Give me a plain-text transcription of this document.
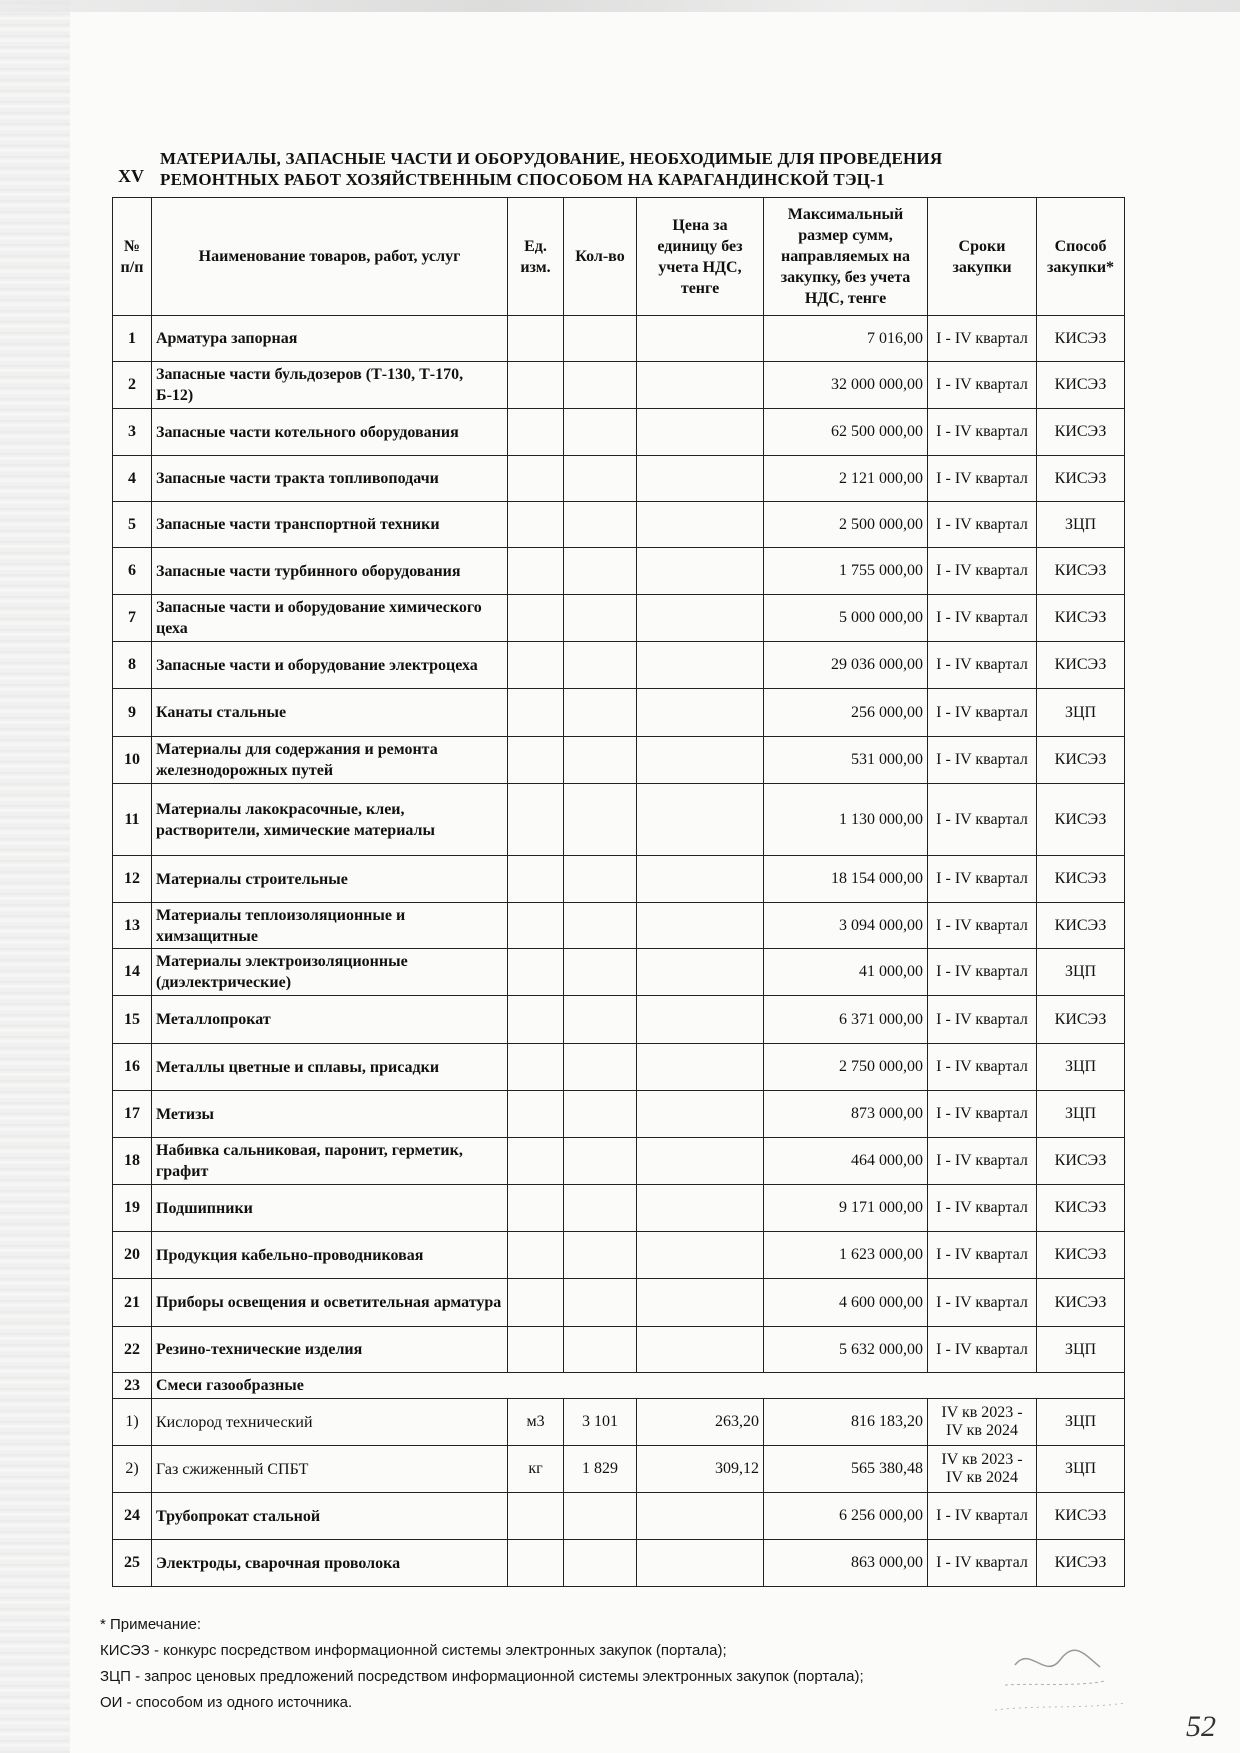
XV
МАТЕРИАЛЫ, ЗАПАСНЫЕ ЧАСТИ И ОБОРУДОВАНИЕ, НЕОБХОДИМЫЕ ДЛЯ ПРОВЕДЕНИЯ
РЕМОНТНЫХ РАБОТ ХОЗЯЙСТВЕННЫМ СПОСОБОМ НА КАРАГАНДИНСКОЙ ТЭЦ-1
№ п/п	Наименование товаров, работ, услуг	Ед. изм.	Кол-во	Цена за единицу без учета НДС, тенге	Максимальный размер сумм, направляемых на закупку, без учета НДС, тенге	Сроки закупки	Способ закупки*
1	Арматура запорная				7 016,00	I - IV квартал	КИСЭЗ
2	Запасные части бульдозеров (Т-130, Т-170, Б-12)				32 000 000,00	I - IV квартал	КИСЭЗ
3	Запасные части котельного оборудования				62 500 000,00	I - IV квартал	КИСЭЗ
4	Запасные части тракта топливоподачи				2 121 000,00	I - IV квартал	КИСЭЗ
5	Запасные части транспортной техники				2 500 000,00	I - IV квартал	ЗЦП
6	Запасные части турбинного оборудования				1 755 000,00	I - IV квартал	КИСЭЗ
7	Запасные части и оборудование химического цеха				5 000 000,00	I - IV квартал	КИСЭЗ
8	Запасные части и оборудование электроцеха				29 036 000,00	I - IV квартал	КИСЭЗ
9	Канаты стальные				256 000,00	I - IV квартал	ЗЦП
10	Материалы для содержания и ремонта железнодорожных путей				531 000,00	I - IV квартал	КИСЭЗ
11	Материалы лакокрасочные, клеи, растворители, химические материалы				1 130 000,00	I - IV квартал	КИСЭЗ
12	Материалы строительные				18 154 000,00	I - IV квартал	КИСЭЗ
13	Материалы теплоизоляционные и химзащитные				3 094 000,00	I - IV квартал	КИСЭЗ
14	Материалы электроизоляционные (диэлектрические)				41 000,00	I - IV квартал	ЗЦП
15	Металлопрокат				6 371 000,00	I - IV квартал	КИСЭЗ
16	Металлы цветные и сплавы, присадки				2 750 000,00	I - IV квартал	ЗЦП
17	Метизы				873 000,00	I - IV квартал	ЗЦП
18	Набивка сальниковая, паронит, герметик, графит				464 000,00	I - IV квартал	КИСЭЗ
19	Подшипники				9 171 000,00	I - IV квартал	КИСЭЗ
20	Продукция кабельно-проводниковая				1 623 000,00	I - IV квартал	КИСЭЗ
21	Приборы освещения и осветительная арматура				4 600 000,00	I - IV квартал	КИСЭЗ
22	Резино-технические изделия				5 632 000,00	I - IV квартал	ЗЦП
23	Смеси газообразные						
1)	Кислород технический	м3	3 101	263,20	816 183,20	IV кв 2023 - IV кв 2024	ЗЦП
2)	Газ сжиженный СПБТ	кг	1 829	309,12	565 380,48	IV кв 2023 - IV кв 2024	ЗЦП
24	Трубопрокат стальной				6 256 000,00	I - IV квартал	КИСЭЗ
25	Электроды, сварочная проволока				863 000,00	I - IV квартал	КИСЭЗ
* Примечание:
КИСЭЗ - конкурс посредством информационной системы электронных закупок (портала);
ЗЦП - запрос ценовых предложений посредством информационной системы электронных закупок (портала);
ОИ - способом из одного источника.
52
